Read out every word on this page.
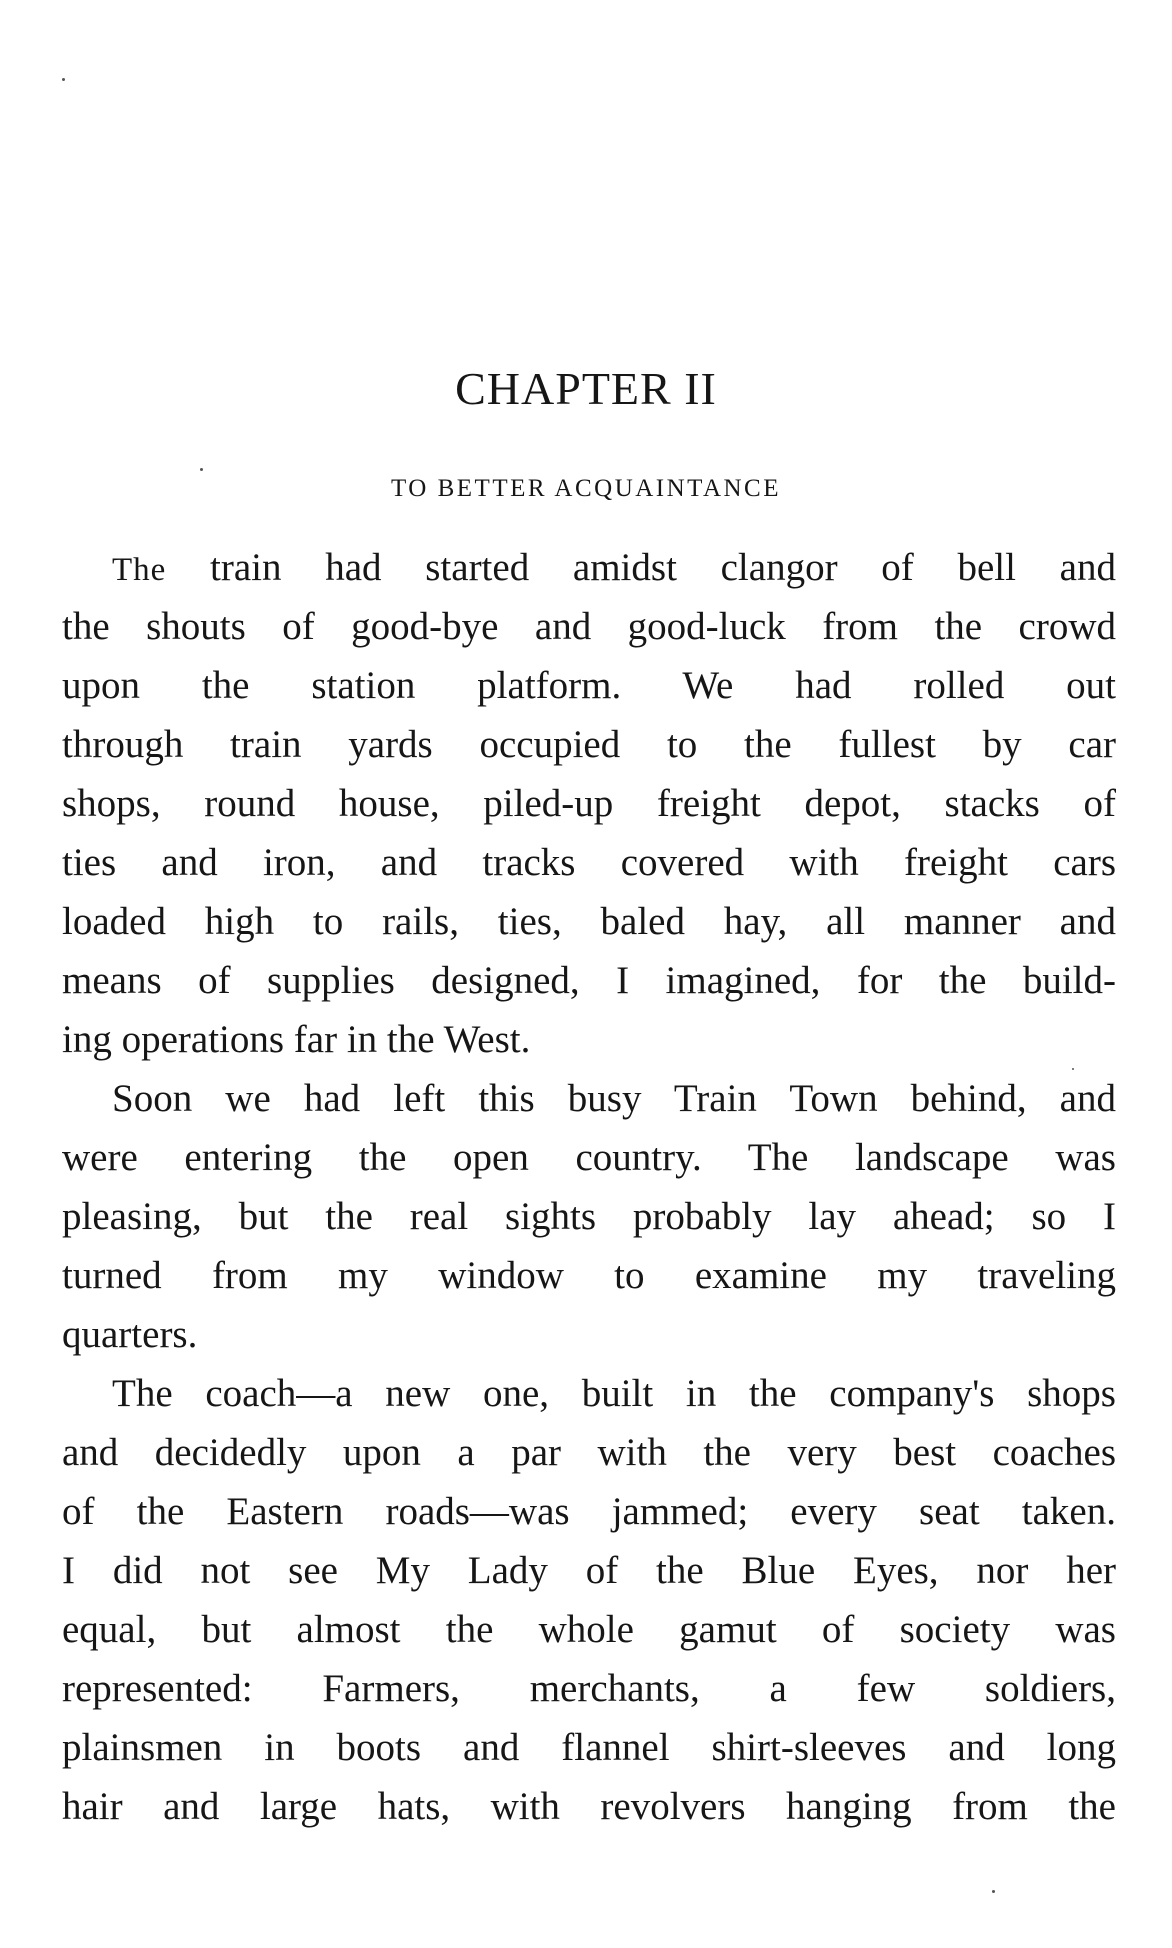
CHAPTER II
TO BETTER ACQUAINTANCE
The train had started amidst clangor of bell and
the shouts of good-bye and good-luck from the crowd
upon the station platform. We had rolled out
through train yards occupied to the fullest by car
shops, round house, piled-up freight depot, stacks of
ties and iron, and tracks covered with freight cars
loaded high to rails, ties, baled hay, all manner and
means of supplies designed, I imagined, for the build-
ing operations far in the West.
Soon we had left this busy Train Town behind, and
were entering the open country. The landscape was
pleasing, but the real sights probably lay ahead; so I
turned from my window to examine my traveling
quarters.
The coach—a new one, built in the company's shops
and decidedly upon a par with the very best coaches
of the Eastern roads—was jammed; every seat taken.
I did not see My Lady of the Blue Eyes, nor her
equal, but almost the whole gamut of society was
represented: Farmers, merchants, a few soldiers,
plainsmen in boots and flannel shirt-sleeves and long
hair and large hats, with revolvers hanging from the
